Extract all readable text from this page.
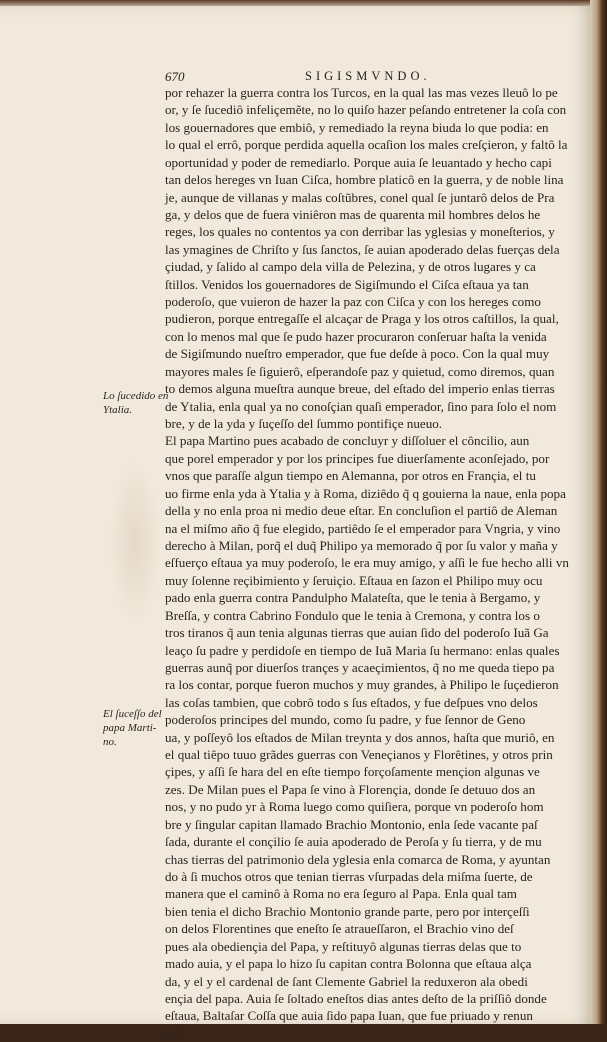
670	SIGISMVNDO.
Lo ſucedido en
Ytalia.
El ſuceſſo del
papa Marti-
no.
por rehazer la guerra contra los Turcos, en la qual las mas vezes lleuô lo pe
or, y ſe ſucediô infeliçemẽte, no lo quiſo hazer peſando entretener la coſa con
los gouernadores que embiô, y remediado la reyna biuda lo que podia: en
lo qual el errô, porque perdida aquella ocaſion los males creſçieron, y faltô la
oportunidad y poder de remediarlo. Porque auia ſe leuantado y hecho capi
tan delos hereges vn Iuan Ciſca, hombre platicô en la guerra, y de noble lina
je, aunque de villanas y malas coſtũbres, conel qual ſe juntarô delos de Pra
ga, y delos que de fuera viniêron mas de quarenta mil hombres delos he
reges, los quales no contentos ya con derribar las yglesias y moneſterios, y
las ymagines de Chriſto y ſus ſanctos, ſe auian apoderado delas fuerças dela
çiudad, y ſalido al campo dela villa de Pelezina, y de otros lugares y ca
ſtillos. Venidos los gouernadores de Sigiſmundo el Ciſca eſtaua ya tan
poderoſo, que vuieron de hazer la paz con Ciſca y con los hereges como
pudieron, porque entregaſſe el alcaçar de Praga y los otros caſtillos, la qual,
con lo menos mal que ſe pudo hazer procuraron conſeruar haſta la venida
de Sigiſmundo nueſtro emperador, que fue deſde à poco. Con la qual muy
mayores males ſe ſiguierô, eſperandoſe paz y quietud, como diremos, quan
to demos alguna mueſtra aunque breue, del eſtado del imperio enlas tierras
de Ytalia, enla qual ya no conoſçian quaſi emperador, ſino para ſolo el nom
bre, y de la yda y ſuçeſſo del ſummo pontifiçe nueuo.
El papa Martino pues acabado de concluyr y diſſoluer el côncilio, aun
que porel emperador y por los principes fue diuerſamente aconſejado, por
vnos que paraſſe algun tiempo en Alemanna, por otros en Françia, el tu
uo firme enla yda à Ytalia y à Roma, diziêdo q̃ q gouierna la naue, enla popa
della y no enla proa ni medio deue eſtar. En concluſion el partiô de Aleman
na el miſmo año q̃ fue elegido, partiêdo ſe el emperador para Vngria, y vino
derecho à Milan, porq̃ el duq̃ Philipo ya memorado q̃ por ſu valor y maña y
eſfuerço eſtaua ya muy poderoſo, le era muy amigo, y aſſi le fue hecho alli vn
muy ſolenne reçibimiento y ſeruiçio. Eſtaua en ſazon el Philipo muy ocu
pado enla guerra contra Pandulpho Malateſta, que le tenia à Bergamo, y
Breſſa, y contra Cabrino Fondulo que le tenia à Cremona, y contra los o
tros tiranos q̃ aun tenia algunas tierras que auian ſido del poderoſo Iuã Ga
leaço ſu padre y perdidoſe en tiempo de Iuã Maria ſu hermano: enlas quales
guerras aunq̃ por diuerſos trançes y acaeçimientos, q̃ no me queda tiepo pa
ra los contar, porque fueron muchos y muy grandes, à Philipo le ſuçedieron
las coſas tambien, que cobrô todo s ſus eſtados, y fue deſpues vno delos
poderoſos principes del mundo, como ſu padre, y fue ſennor de Geno
ua, y poſſeyô los eſtados de Milan treynta y dos annos, haſta que muriô, en
el qual tiêpo tuuo grãdes guerras con Veneçianos y Florêtines, y otros prin
çipes, y aſſi ſe hara del en eſte tiempo forçoſamente mençion algunas ve
zes. De Milan pues el Papa ſe vino à Florençia, donde ſe detuuo dos an
nos, y no pudo yr à Roma luego como quiſiera, porque vn poderoſo hom
bre y ſingular capitan llamado Brachio Montonio, enla ſede vacante paſ
ſada, durante el conçilio ſe auia apoderado de Peroſa y ſu tierra, y de mu
chas tierras del patrimonio dela yglesia enla comarca de Roma, y ayuntan
do à ſi muchos otros que tenian tierras vſurpadas dela miſma ſuerte, de
manera que el caminô à Roma no era ſeguro al Papa. Enla qual tam
bien tenia el dicho Brachio Montonio grande parte, pero por interçeſſi
on delos Florentines que eneſto ſe atraueſſaron, el Brachio vino deſ
pues ala obediençia del Papa, y reſtituyô algunas tierras delas que to
mado auia, y el papa lo hizo ſu capitan contra Bolonna que eſtaua alça
da, y el y el cardenal de ſant Clemente Gabriel la reduxeron ala obedi
ençia del papa. Auia ſe ſoltado eneſtos dias antes deſto de la priſſiô donde
eſtaua, Baltaſar Coſſa que auia ſido papa Iuan, que fue priuado y renun
çiô
